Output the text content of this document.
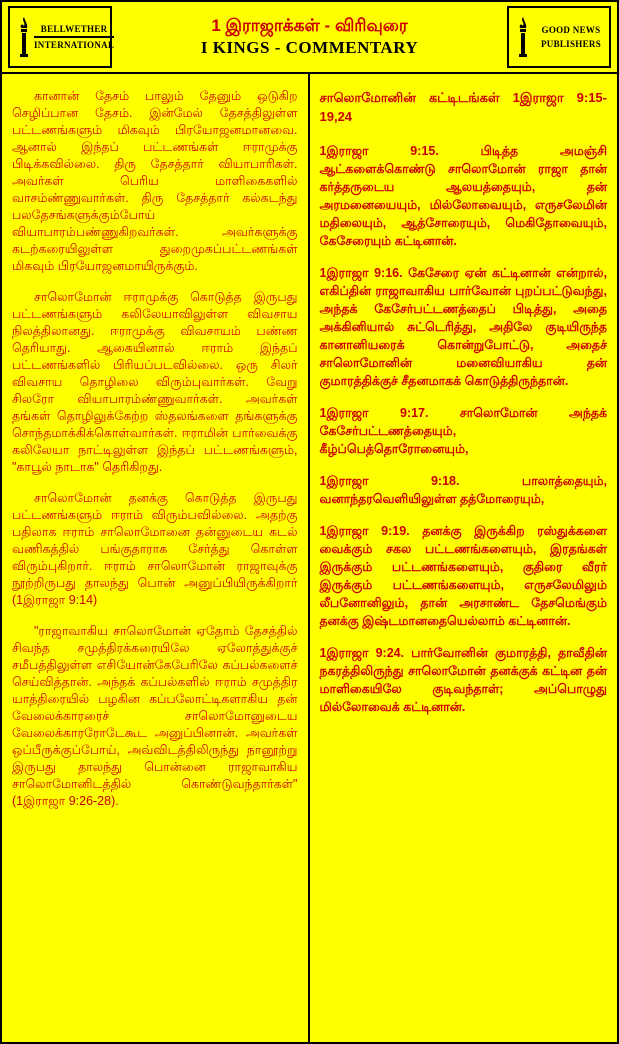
BELLWETHER
INTERNATIONAL
1 இராஜாக்கள் - விரிவுரை
I KINGS - COMMENTARY
GOOD NEWS
PUBLISHERS

கானான் தேசம் பாலும் தேனும் ஒடுகிற செழிப்பான தேசம். இன்மேல் தேசத்திலுள்ள பட்டணங்களும் மிகவும் பிரயோஜனமானவை. ஆனால் இந்தப் பட்டணங்கள் ஈராமுக்கு பிடிக்கவில்லை. திரு தேசத்தார் வியாபாரிகள். அவர்கள் பெரிய மாளிகைகளில் வாசம்ண்ணுவார்கள். திரு தேசத்தார் கல்கடந்து பலதேசங்களுக்கும்போய் வியாபாரம்பண்ணுகிறவர்கள். அவர்களுக்கு கடற்கரையிலுள்ள துறைமுகப்பட்டணங்கள் மிகவும் பிரயோஜனமாயிருக்கும்.

சாலொமோன் ஈராமுக்கு கொடுத்த இருபது பட்டணங்களும் கலிலேயாவிலுள்ள விவசாய நிலத்திலானது. ஈராமுக்கு விவசாயம் பண்ண தெரியாது. ஆகையினால் ஈராம் இந்தப் பட்டணங்களில் பிரியப்படவில்லை. ஒரு சிலர் விவசாய தொழிலை விரும்புவார்கள். வேறு சிலரோ வியாபாரம்ண்ணுவார்கள். அவர்கள் தங்கள் தொழிலுக்கேற்ற ஸ்தலங்களை தங்களுக்கு சொந்தமாக்கிக்கொள்வார்கள். ஈராமின் பார்வைக்கு கலிலேயா நாட்டிலுள்ள இந்தப் பட்டணங்களும், "காபூல் நாடாக" தெரிகிறது.

சாலொமோன் தனக்கு கொடுத்த இருபது பட்டணங்களும் ஈராம் விரும்பவில்லை. அதற்கு பதிலாக ஈராம் சாலொமோனை தன்னுடைய கடல் வணிகத்தில் பங்குதாராக சேர்த்து கொள்ள விரும்புகிறார். ஈராம் சாலொமோன் ராஜாவுக்கு நூற்றிருபது தாலந்து பொன் அனுப்பியிருக்கிறார் (1இராஜா 9:14)

"ராஜாவாகிய சாலொமோன் ஏதோம் தேசத்தில் சிவந்த சமுத்திரக்கரையிலே ஏலோத்துக்குச் சமீபத்திலுள்ள எசியோன்கேபேரிலே கப்பல்களைச் செய்வித்தான். அந்தக் கப்பல்களில் ஈராம் சமுத்திர யாத்திரையில் பழகின கப்பலோட்டிகளாகிய தன் வேலைக்காரரைச் சாலொமோனுடைய வேலைக்காரரோடேகூட அனுப்பினான். அவர்கள் ஒப்பீருக்குப்போய், அவ்விடத்திலிருந்து நானூற்று இருபது தாலந்து பொன்னை ராஜாவாகிய சாலொமோனிடத்தில் கொண்டுவந்தார்கள்" (1இராஜா 9:26-28).

சாலொமோனின் கட்டிடங்கள் 1இராஜா 9:15-19,24

1இராஜா 9:15.	பிடித்த அமஞ்சி ஆட்களைக்கொண்டு சாலொமோன் ராஜா தான் கர்த்தருடைய ஆலயத்தையும், தன் அரமனையையும், மில்லோவையும், எருசலேமின் மதிலையும், ஆத்சோரையும், மெகிதோவையும், கேசேரையும் கட்டினான்.

1இராஜா 9:16. கேசேரை ஏன் கட்டினான் என்றால், எகிப்தின் ராஜாவாகிய பார்வோன் புறப்பட்டுவந்து, அந்தக் கேசேர்பட்டணத்தைப் பிடித்து, அதை அக்கினியால் சுட்டெரித்து, அதிலே குடியிருந்த கானானியரைக் கொன்றுபோட்டு, அதைச் சாலொமோனின் மனைவியாகிய தன் குமாரத்திக்குச் சீதனமாகக் கொடுத்திருந்தான்.

1இராஜா 9:17.	சாலொமோன் அந்தக் கேசேர்பட்டணத்தையும், கீழ்ப்பெத்தொரோனையும்,

1இராஜா 9:18.	பாலாத்தையும், வனாந்தரவெளியிலுள்ள தத்மோரையும்,

1இராஜா 9:19. தனக்கு இருக்கிற ரஸ்துக்களை வைக்கும் சகல பட்டணங்களையும், இரதங்கள் இருக்கும் பட்டணங்களையும், குதிரை வீரர் இருக்கும் பட்டணங்களையும், எருசலேமிலும் லீபனோனிலும், தான் அரசாண்ட தேசமெங்கும் தனக்கு இஷ்டமானதையெல்லாம் கட்டினான்.

1இராஜா 9:24. பார்வோனின் குமாரத்தி, தாவீதின் நகரத்திலிருந்து சாலொமோன் தனக்குக் கட்டின தன் மாளிகையிலே குடிவந்தாள்; அப்பொழுது மில்லோவைக் கட்டினான்.
